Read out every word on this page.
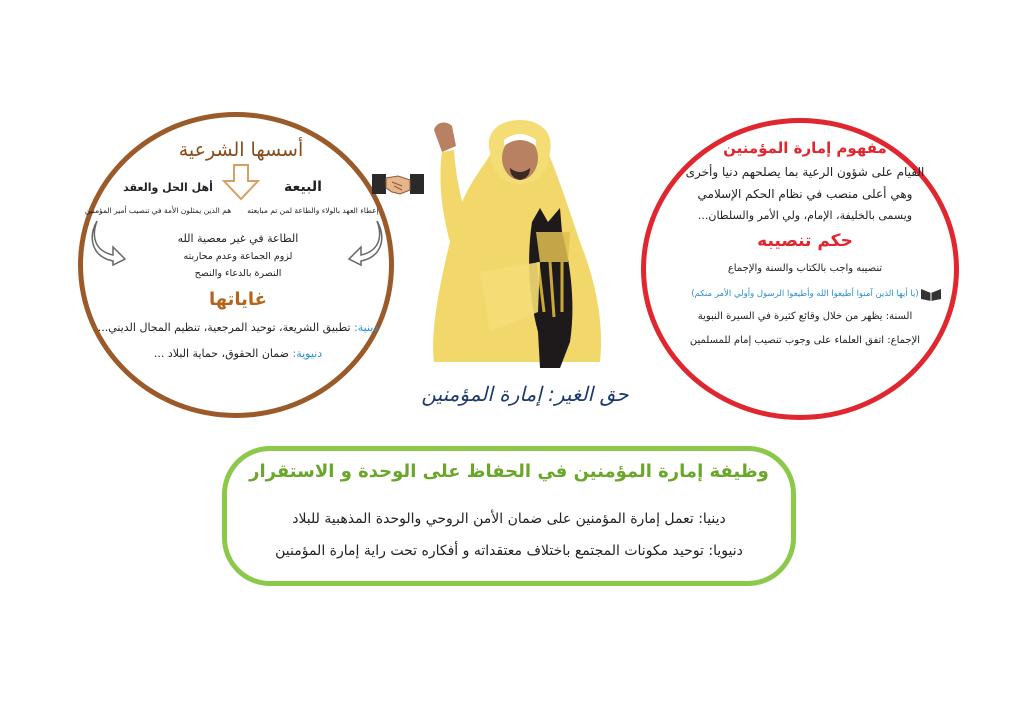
أسسها الشرعية
البيعة
أهل الحل والعقد
إعطاء العهد بالولاء والطاعة لمن تم مبايعته
هم الذين يمثلون الأمة في تنصيب أمير المؤمنين
الطاعة في غير معصية الله
لزوم الجماعة وعدم محاربته
النصرة بالدعاء والنصح
غاياتها
دينية: تطبيق الشريعة، توحيد المرجعية، تنظيم المجال الديني...
دنيوية: ضمان الحقوق، حماية البلاد ...
حق الغير: إمارة المؤمنين
مفهوم إمارة المؤمنين
القيام على شؤون الرعية بما يصلحهم دنيا وأخرى
وهي أعلى منصب في نظام الحكم الإسلامي
ويسمى بالخليفة، الإمام، ولي الأمر والسلطان...
حكم تنصيبه
تنصيبه واجب بالكتاب والسنة والإجماع
(يا أيها الذين آمنوا أطيعوا الله وأطيعوا الرسول وأولي الأمر منكم)
السنة: يظهر من خلال وقائع كثيرة في السيرة النبوية
الإجماع: اتفق العلماء على وجوب تنصيب إمام للمسلمين
وظيفة إمارة المؤمنين في الحفاظ على الوحدة و الاستقرار
دينيا: تعمل إمارة المؤمنين على ضمان الأمن الروحي والوحدة المذهبية للبلاد
دنيويا: توحيد مكونات المجتمع باختلاف معتقداته و أفكاره تحت راية إمارة المؤمنين
